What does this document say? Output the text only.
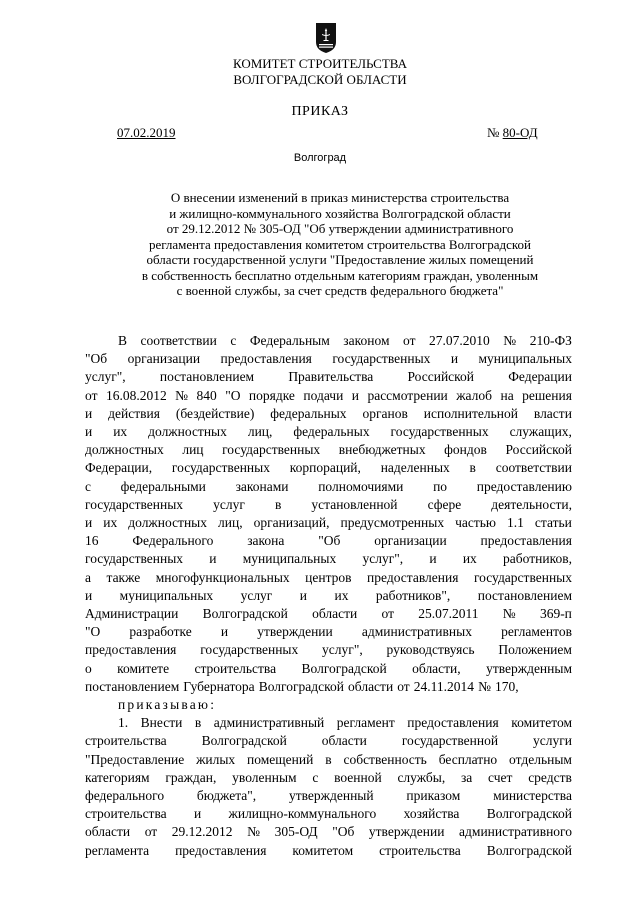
КОМИТЕТ СТРОИТЕЛЬСТВА
ВОЛГОГРАДСКОЙ ОБЛАСТИ
ПРИКАЗ
07.02.2019	№ 80-ОД
Волгоград
О внесении изменений в приказ министерства строительства
и жилищно-коммунального хозяйства Волгоградской области
от 29.12.2012 № 305-ОД "Об утверждении административного
регламента предоставления комитетом строительства Волгоградской
области государственной услуги "Предоставление жилых помещений
в собственность бесплатно отдельным категориям граждан, уволенным
с военной службы, за счет средств федерального бюджета"
В соответствии с Федеральным законом от 27.07.2010 № 210-ФЗ
"Об организации предоставления государственных и муниципальных
услуг",	постановлением	Правительства	Российской	Федерации
от 16.08.2012 № 840 "О порядке подачи и рассмотрении жалоб на решения
и действия (бездействие) федеральных органов исполнительной власти
и их должностных лиц, федеральных государственных служащих,
должностных лиц государственных внебюджетных фондов Российской
Федерации, государственных корпораций, наделенных в соответствии
с федеральными законами полномочиями по предоставлению
государственных услуг в установленной сфере деятельности,
и их должностных лиц, организаций, предусмотренных частью 1.1 статьи
16	Федерального	закона	"Об	организации	предоставления
государственных и муниципальных услуг", и их работников,
а также многофункциональных центров предоставления государственных
и муниципальных услуг и их работников", постановлением
Администрации Волгоградской области от 25.07.2011 № 369-п
"О разработке и утверждении административных регламентов
предоставления государственных услуг", руководствуясь Положением
о комитете строительства Волгоградской области, утвержденным
постановлением Губернатора Волгоградской области от 24.11.2014 № 170,
приказываю:
1. Внести в административный регламент предоставления комитетом
строительства	Волгоградской	области	государственной	услуги
"Предоставление жилых помещений в собственность бесплатно отдельным
категориям граждан, уволенным с военной службы, за счет средств
федерального бюджета", утвержденный приказом министерства
строительства и жилищно-коммунального хозяйства Волгоградской
области от 29.12.2012 № 305-ОД "Об утверждении административного
регламента предоставления комитетом строительства Волгоградской
